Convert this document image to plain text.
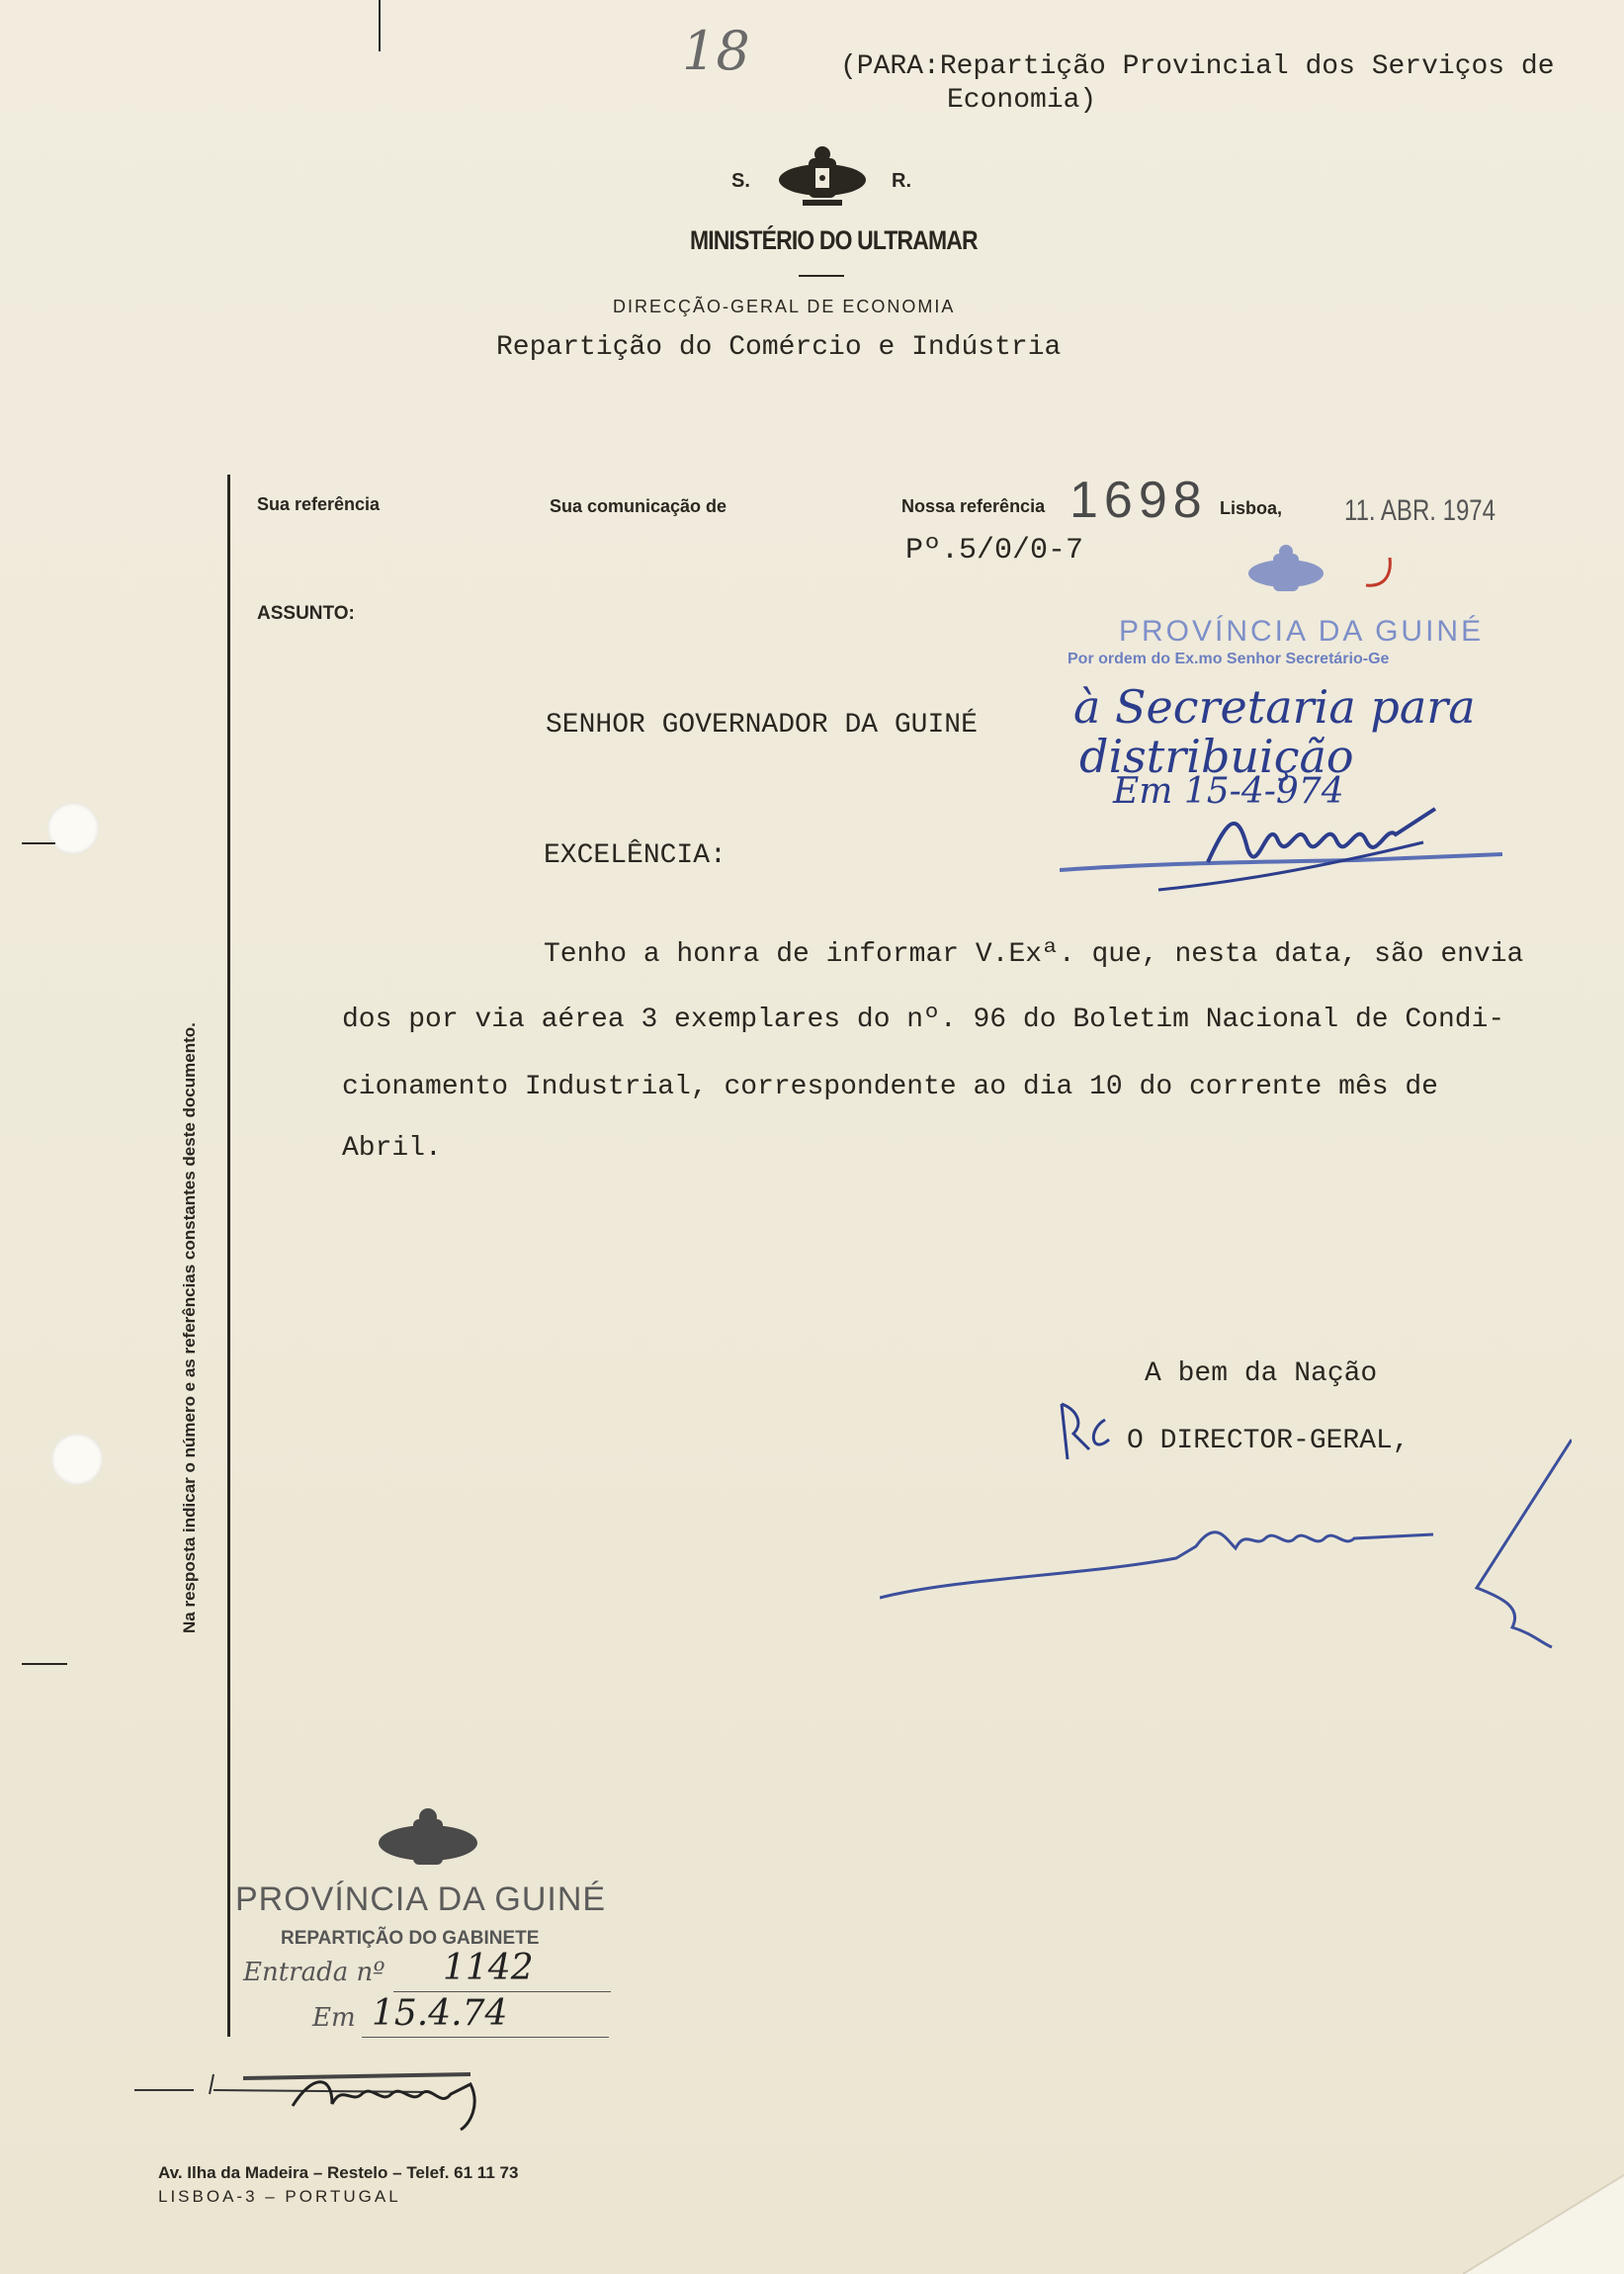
18	(PARA:Repartição Provincial dos Serviços de
Economia)
S.	R.
MINISTÉRIO DO ULTRAMAR
DIRECÇÃO-GERAL DE ECONOMIA
Repartição do Comércio e Indústria
Sua referência	Sua comunicação de	Nossa referência 1698 Lisboa, 11. ABR. 1974
Pº.5/0/0-7
ASSUNTO:
PROVÍNCIA DA GUINÉ
Por ordem do Ex.mo Senhor Secretário-Ge
à Secretaria para
distribuição
Em 15-4-974
SENHOR GOVERNADOR DA GUINÉ
EXCELÊNCIA:
Tenho a honra de informar V.Exª. que, nesta data, são envia
dos por via aérea 3 exemplares do nº. 96 do Boletim Nacional de Condi-
cionamento Industrial, correspondente ao dia 10 do corrente mês de
Abril.
A bem da Nação
O DIRECTOR-GERAL,
Na resposta indicar o número e as referências constantes deste documento.
PROVÍNCIA DA GUINÉ
REPARTIÇÃO DO GABINETE
Entrada nº 1142
Em 15.4.74
Av. Ilha da Madeira – Restelo – Telef. 61 11 73
LISBOA-3 – PORTUGAL
